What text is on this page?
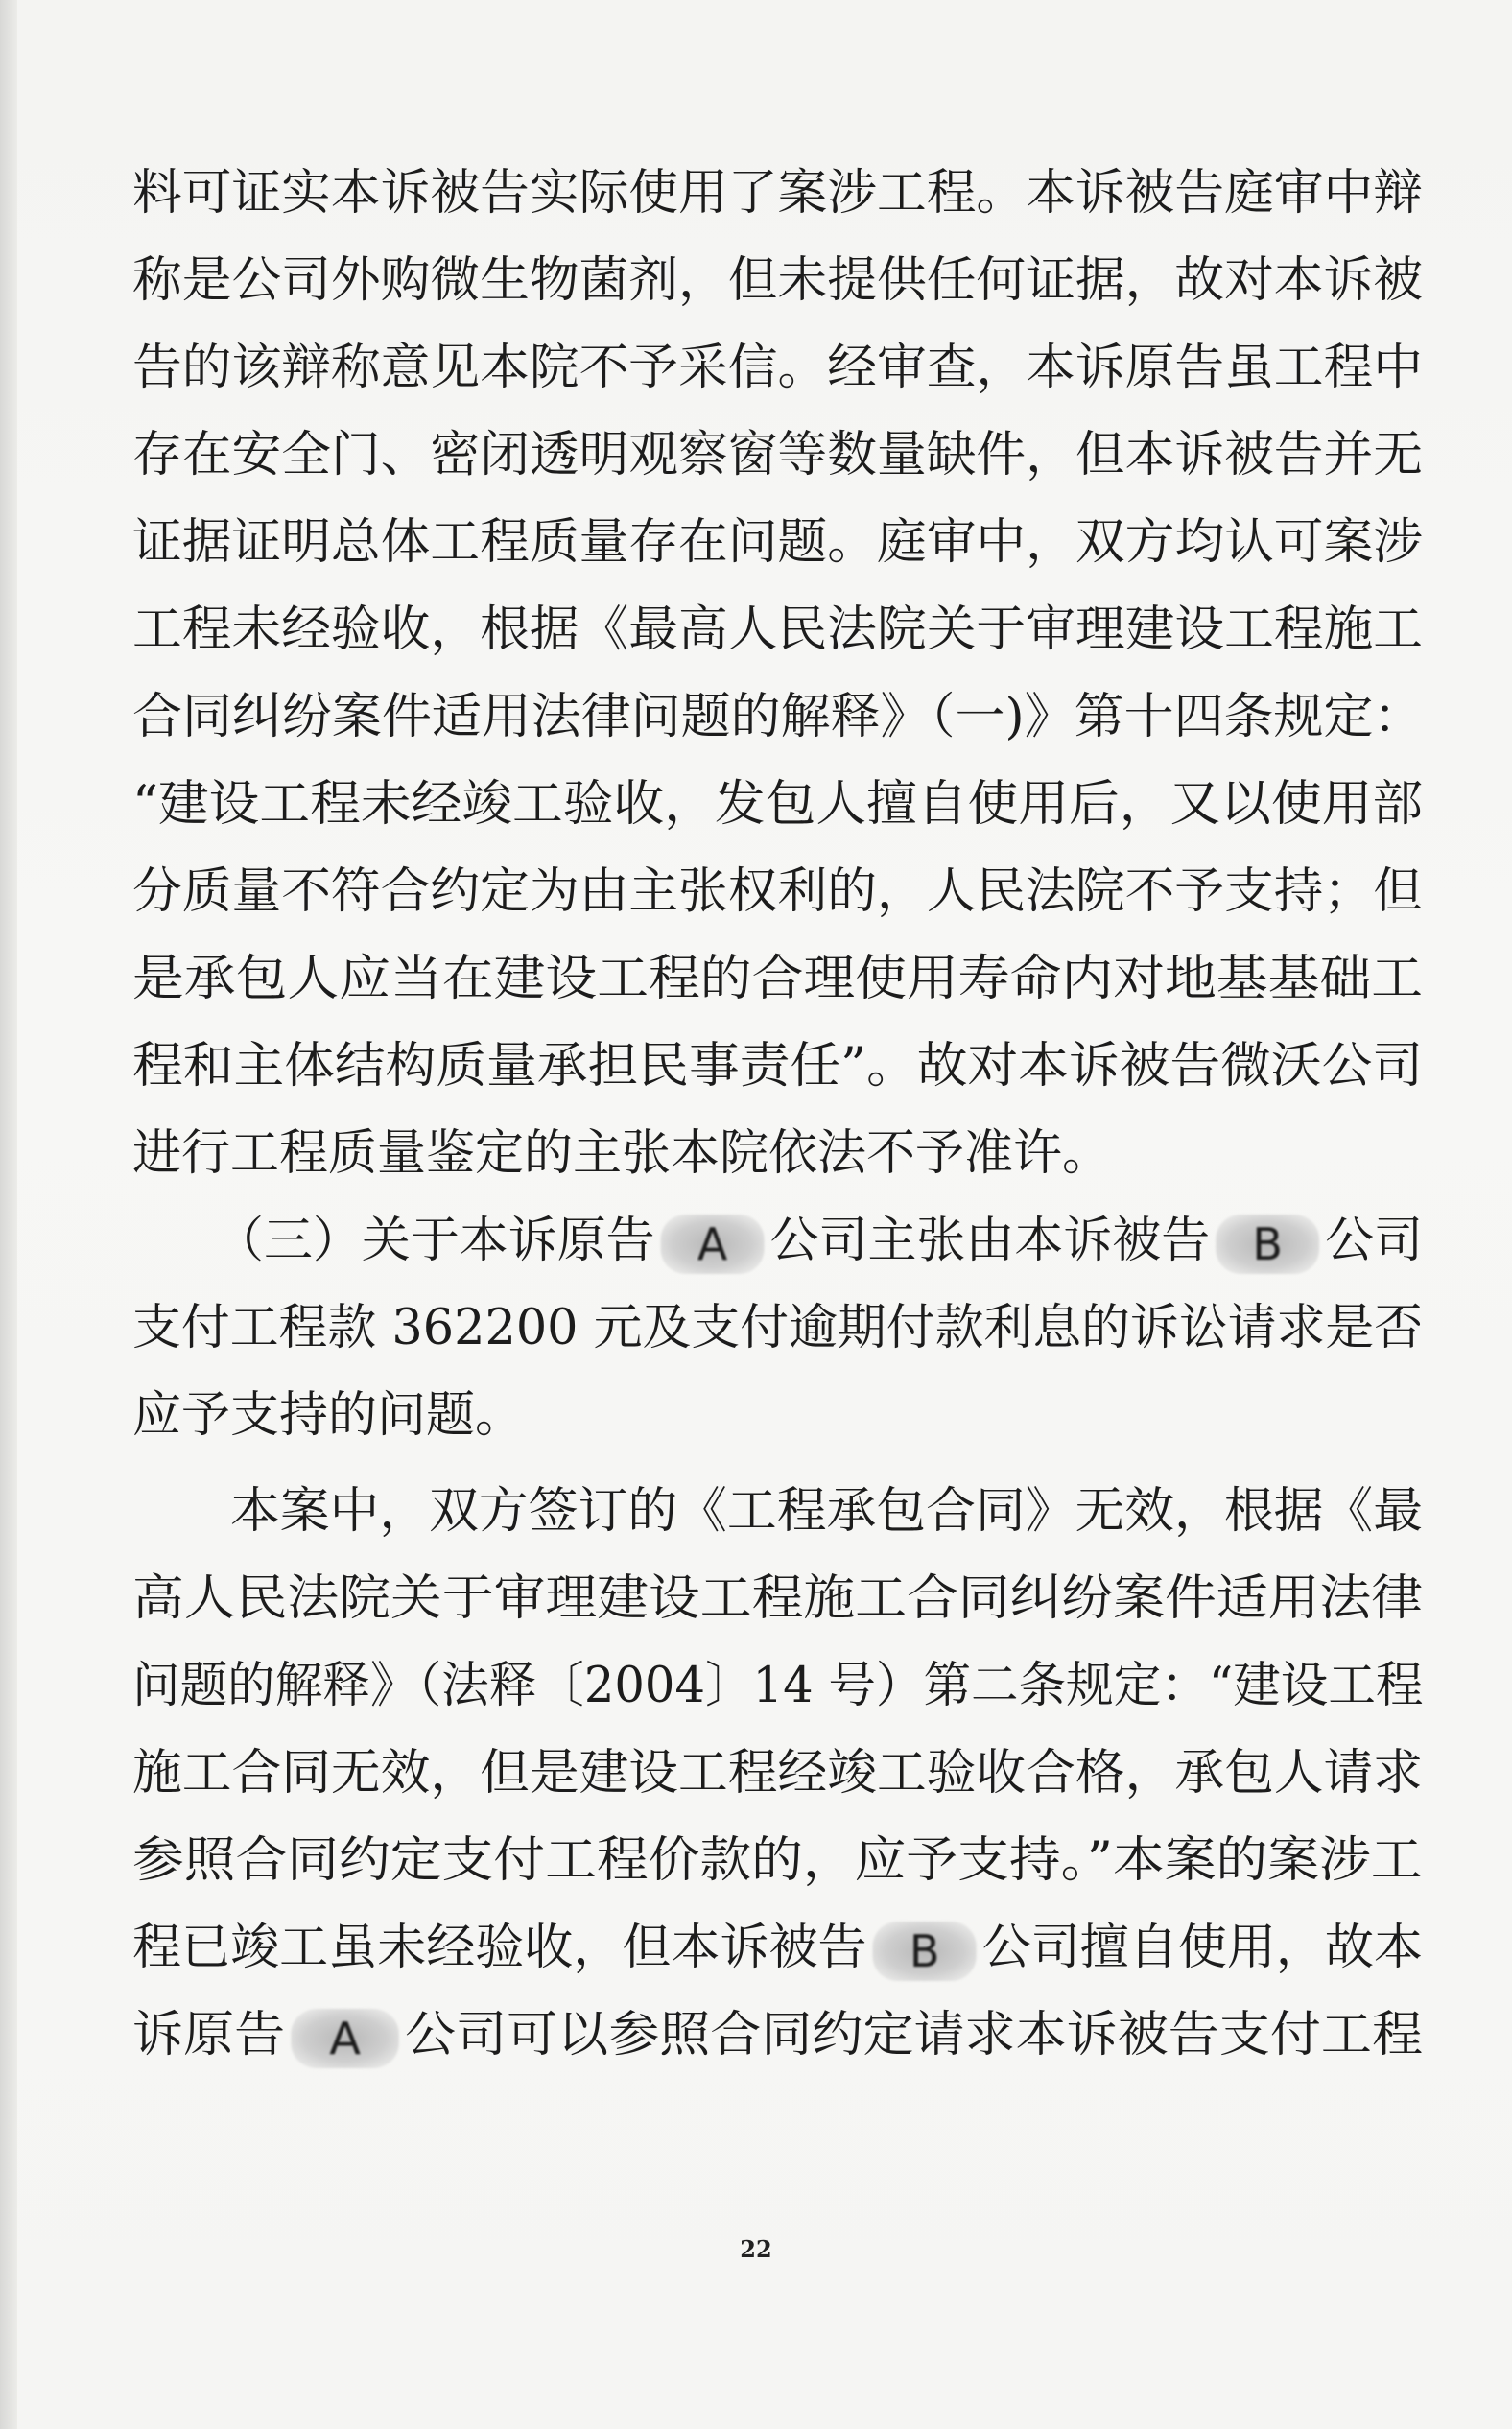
料可证实本诉被告实际使用了案涉工程。本诉被告庭审中辩
称是公司外购微生物菌剂，但未提供任何证据，故对本诉被
告的该辩称意见本院不予采信。经审查，本诉原告虽工程中
存在安全门、密闭透明观察窗等数量缺件，但本诉被告并无
证据证明总体工程质量存在问题。庭审中，双方均认可案涉
工程未经验收，根据《最高人民法院关于审理建设工程施工
合同纠纷案件适用法律问题的解释》（一)》第十四条规定：
“建设工程未经竣工验收，发包人擅自使用后，又以使用部
分质量不符合约定为由主张权利的，人民法院不予支持；但
是承包人应当在建设工程的合理使用寿命内对地基基础工
程和主体结构质量承担民事责任”。故对本诉被告微沃公司
进行工程质量鉴定的主张本院依法不予准许。
（三）关于本诉原告 A 公司主张由本诉被告 B 公司
支付工程款 362200 元及支付逾期付款利息的诉讼请求是否
应予支持的问题。
本案中，双方签订的《工程承包合同》无效，根据《最
高人民法院关于审理建设工程施工合同纠纷案件适用法律
问题的解释》（法释〔2004〕14 号）第二条规定：“建设工程
施工合同无效，但是建设工程经竣工验收合格，承包人请求
参照合同约定支付工程价款的，应予支持。”本案的案涉工
程已竣工虽未经验收，但本诉被告 B 公司擅自使用，故本
诉原告 A 公司可以参照合同约定请求本诉被告支付工程
22
